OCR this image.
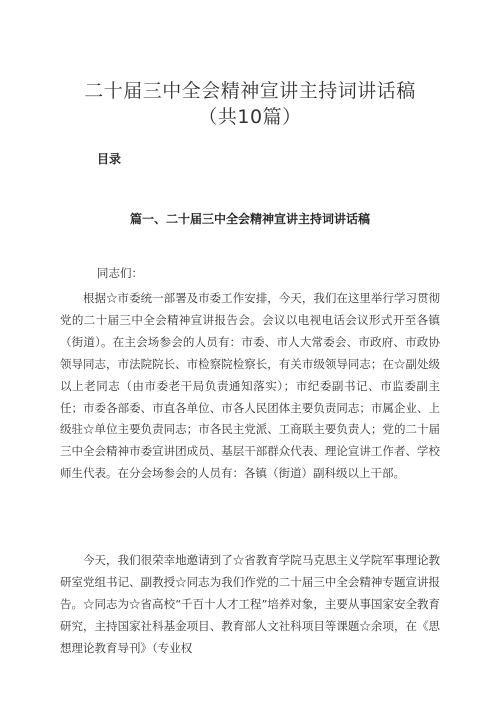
二十届三中全会精神宣讲主持词讲话稿（共10篇）
目录
篇一、二十届三中全会精神宣讲主持词讲话稿
同志们：

根据☆市委统一部署及市委工作安排，今天，我们在这里举行学习贯彻党的二十届三中全会精神宣讲报告会。会议以电视电话会议形式开至各镇（街道）。在主会场参会的人员有：市委、市人大常委会、市政府、市政协领导同志，市法院院长、市检察院检察长，有关市级领导同志；在☆副处级以上老同志（由市委老干局负责通知落实）；市纪委副书记、市监委副主任；市委各部委、市直各单位、市各人民团体主要负责同志；市属企业、上级驻☆单位主要负责同志；市各民主党派、工商联主要负责人；党的二十届三中全会精神市委宣讲团成员、基层干部群众代表、理论宣讲工作者、学校师生代表。在分会场参会的人员有：各镇（街道）副科级以上干部。

今天，我们很荣幸地邀请到了☆省教育学院马克思主义学院军事理论教研室党组书记、副教授☆同志为我们作党的二十届三中全会精神专题宣讲报告。☆同志为☆省高校“千百十人才工程”培养对象，主要从事国家安全教育研究，主持国家社科基金项目、教育部人文社科项目等课题☆余项，在《思想理论教育导刊》（专业权
